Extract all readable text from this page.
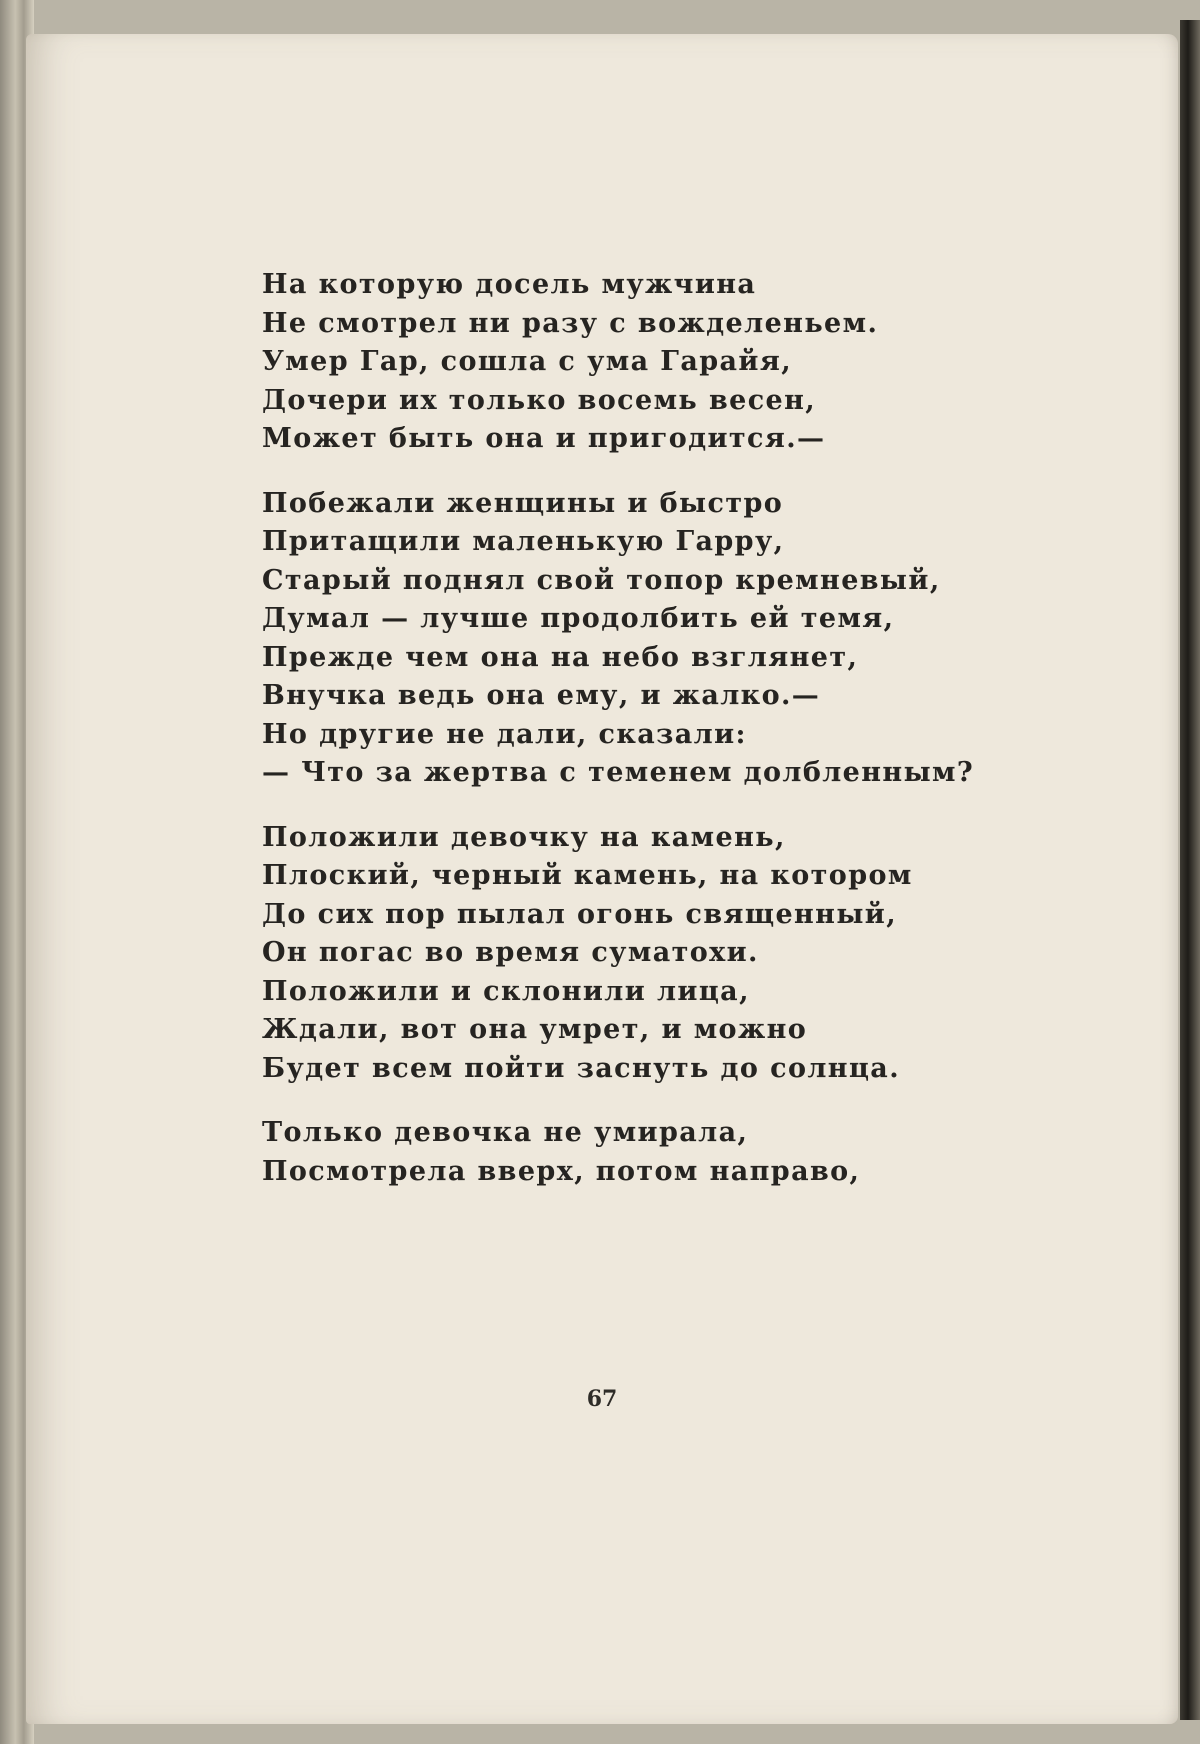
На которую досель мужчина
Не смотрел ни разу с вожделеньем.
Умер Гар, сошла с ума Гарайя,
Дочери их только восемь весен,
Может быть она и пригодится.—
Побежали женщины и быстро
Притащили маленькую Гарру,
Старый поднял свой топор кремневый,
Думал — лучше продолбить ей темя,
Прежде чем она на небо взглянет,
Внучка ведь она ему, и жалко.—
Но другие не дали, сказали:
— Что за жертва с теменем долбленным?
Положили девочку на камень,
Плоский, черный камень, на котором
До сих пор пылал огонь священный,
Он погас во время суматохи.
Положили и склонили лица,
Ждали, вот она умрет, и можно
Будет всем пойти заснуть до солнца.
Только девочка не умирала,
Посмотрела вверх, потом направо,
67
